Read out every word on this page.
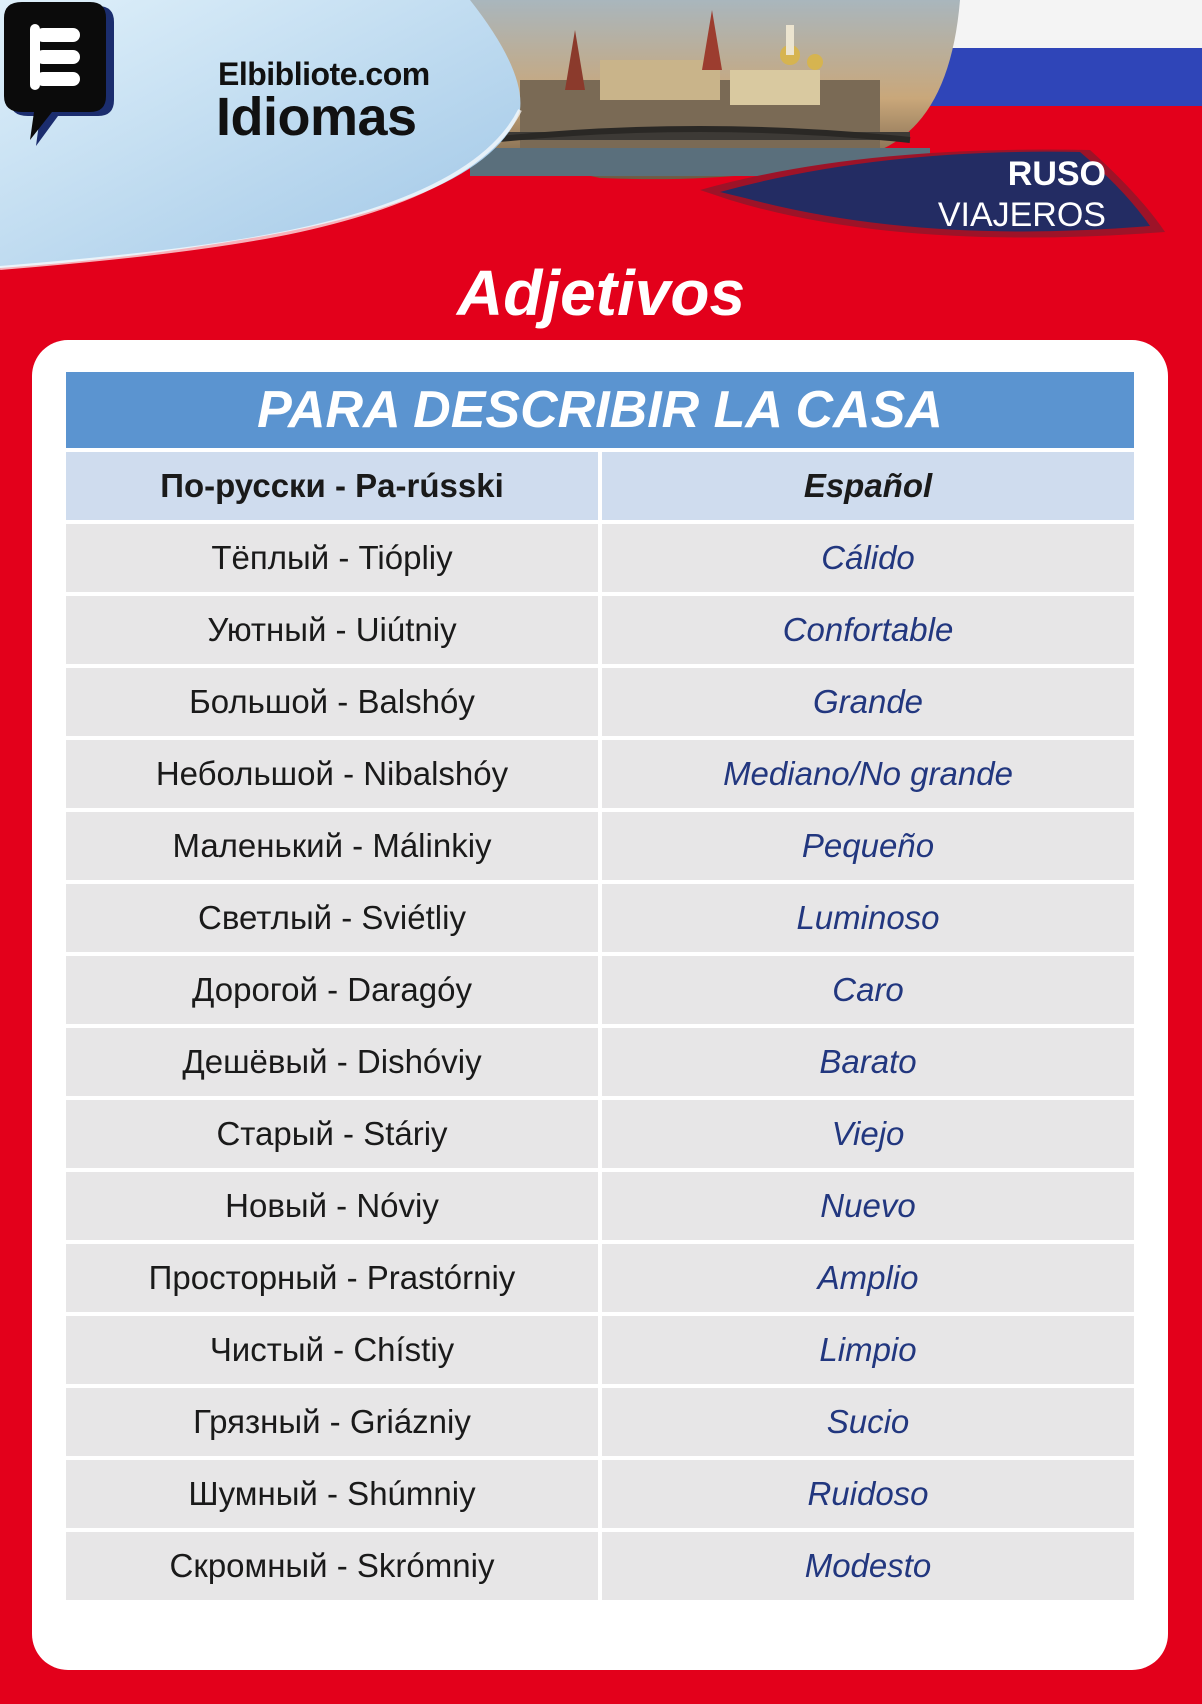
Elbibliote.com
Idiomas
RUSO
VIAJEROS
Adjetivos
PARA DESCRIBIR LA CASA
По-русски - Pa-rússki	Español
Тёплый - Tiópliy	Cálido
Уютный - Uiútniy	Confortable
Большой - Balshóy	Grande
Небольшой - Nibalshóy	Mediano/No grande
Маленький - Málinkiy	Pequeño
Светлый - Sviétliy	Luminoso
Дорогой - Daragóy	Caro
Дешёвый - Dishóviy	Barato
Старый - Stáriy	Viejo
Новый - Nóviy	Nuevo
Просторный - Prastórniy	Amplio
Чистый - Chístiy	Limpio
Грязный - Griázniy	Sucio
Шумный - Shúmniy	Ruidoso
Скромный - Skrómniy	Modesto
